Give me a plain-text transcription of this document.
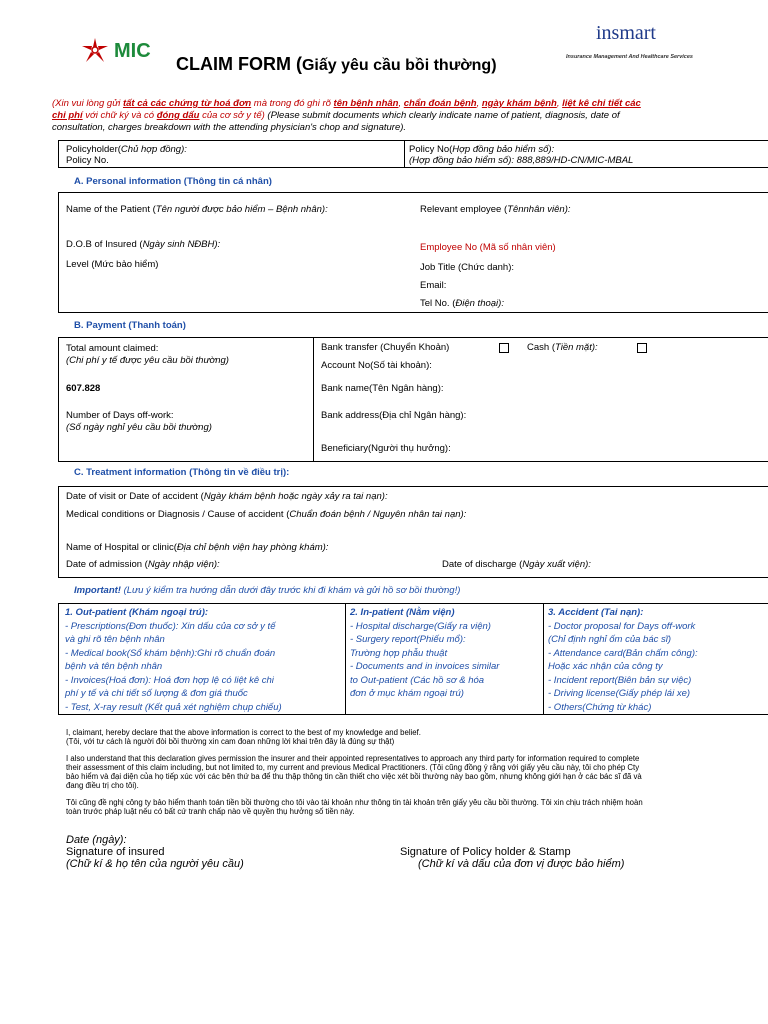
MIC
CLAIM FORM (Giấy yêu cầu bồi thường)
insmart
Insurance Management And Healthcare Services
(Xin vui lòng gửi tất cả các chứng từ hoá đơn mà trong đó ghi rõ tên bệnh nhân, chẩn đoán bệnh, ngày khám bệnh, liệt kê chi tiết các
chi phí với chữ ký và có đóng dấu của cơ sở y tế) (Please submit documents which clearly indicate name of patient, diagnosis, date of
consultation, charges breakdown with the attending physician's chop and signature).
Policyholder(Chủ hợp đồng):
Policy No.
Policy No(Hợp đồng bảo hiểm số):
(Hợp đồng bảo hiểm số): 888,889/HD-CN/MIC-MBAL
A. Personal information (Thông tin cá nhân)
Name of the Patient (Tên người được bảo hiểm – Bệnh nhân):
D.O.B of Insured (Ngày sinh NĐBH):
Level (Mức bảo hiểm)
Relevant employee (Tênnhân viên):
Employee No (Mã số nhân viên)
Job Title (Chức danh):
Email:
Tel No. (Điện thoại):
B. Payment (Thanh toán)
Total amount claimed:
(Chi phí y tế được yêu cầu bồi thường)
607.828
Number of Days off-work:
(Số ngày nghỉ yêu cầu bồi thường)
Bank transfer (Chuyển Khoản)	Cash (Tiền mặt):
Account No(Số tài khoản):
Bank name(Tên Ngân hàng):
Bank address(Địa chỉ Ngân hàng):
Beneficiary(Người thụ hưởng):
C. Treatment information (Thông tin về điều trị):
Date of visit or Date of accident (Ngày khám bệnh hoặc ngày xảy ra tai nạn):
Medical conditions or Diagnosis / Cause of accident (Chuẩn đoán bệnh / Nguyên nhân tai nạn):
Name of Hospital or clinic(Địa chỉ bệnh viện hay phòng khám):
Date of admission (Ngày nhập viện):	Date of discharge (Ngày xuất viện):
Important! (Lưu ý kiểm tra hướng dẫn dưới đây trước khi đi khám và gửi hồ sơ bồi thường!)
1. Out-patient (Khám ngoại trú):
- Prescriptions(Đơn thuốc): Xin dấu của cơ sở y tế
và ghi rõ tên bệnh nhân
- Medical book(Sổ khám bệnh):Ghi rõ chuẩn đoán
bệnh và tên bệnh nhân
- Invoices(Hoá đơn): Hoá đơn hợp lệ có liệt kê chi
phí y tế và chi tiết số lượng & đơn giá thuốc
- Test, X-ray result (Kết quả xét nghiệm chụp chiếu)
2. In-patient (Nằm viện)
- Hospital discharge(Giấy ra viện)
- Surgery report(Phiếu mổ):
Trường hợp phẫu thuật
- Documents and in invoices similar
to Out-patient (Các hồ sơ & hóa
đơn ở mục khám ngoại trú)
3. Accident (Tai nạn):
- Doctor proposal for Days off-work
(Chỉ định nghỉ ốm của bác sĩ)
- Attendance card(Bản chấm công):
Hoặc xác nhận của công ty
- Incident report(Biên bản sự việc)
- Driving license(Giấy phép lái xe)
- Others(Chứng từ khác)
I, claimant, hereby declare that the above information is correct to the best of my knowledge and belief.
(Tôi, với tư cách là người đòi bồi thường xin cam đoan những lời khai trên đây là đúng sự thật)
I also understand that this declaration gives permission the insurer and their appointed representatives to approach any third party for information required to complete
their assessment of this claim including, but not limited to, my current and previous Medical Practitioners. (Tôi cũng đồng ý rằng với giấy yêu cầu này, tôi cho phép Cty
bảo hiểm và đại diện của họ tiếp xúc với các bên thứ ba để thu thập thông tin cần thiết cho việc xét bồi thường này bao gồm, nhưng không giới hạn ở các bác sĩ đã và
đang điều trị cho tôi).
Tôi cũng đề nghị công ty bảo hiểm thanh toán tiền bồi thường cho tôi vào tài khoản như thông tin tài khoản trên giấy yêu cầu bồi thường. Tôi xin chịu trách nhiệm hoàn
toàn trước pháp luật nếu có bất cứ tranh chấp nào về quyền thụ hưởng số tiền này.
Date (ngày):
Signature of insured
(Chữ kí & họ tên của người yêu cầu)
Signature of Policy holder & Stamp
(Chữ kí và dấu của đơn vị được bảo hiểm)
